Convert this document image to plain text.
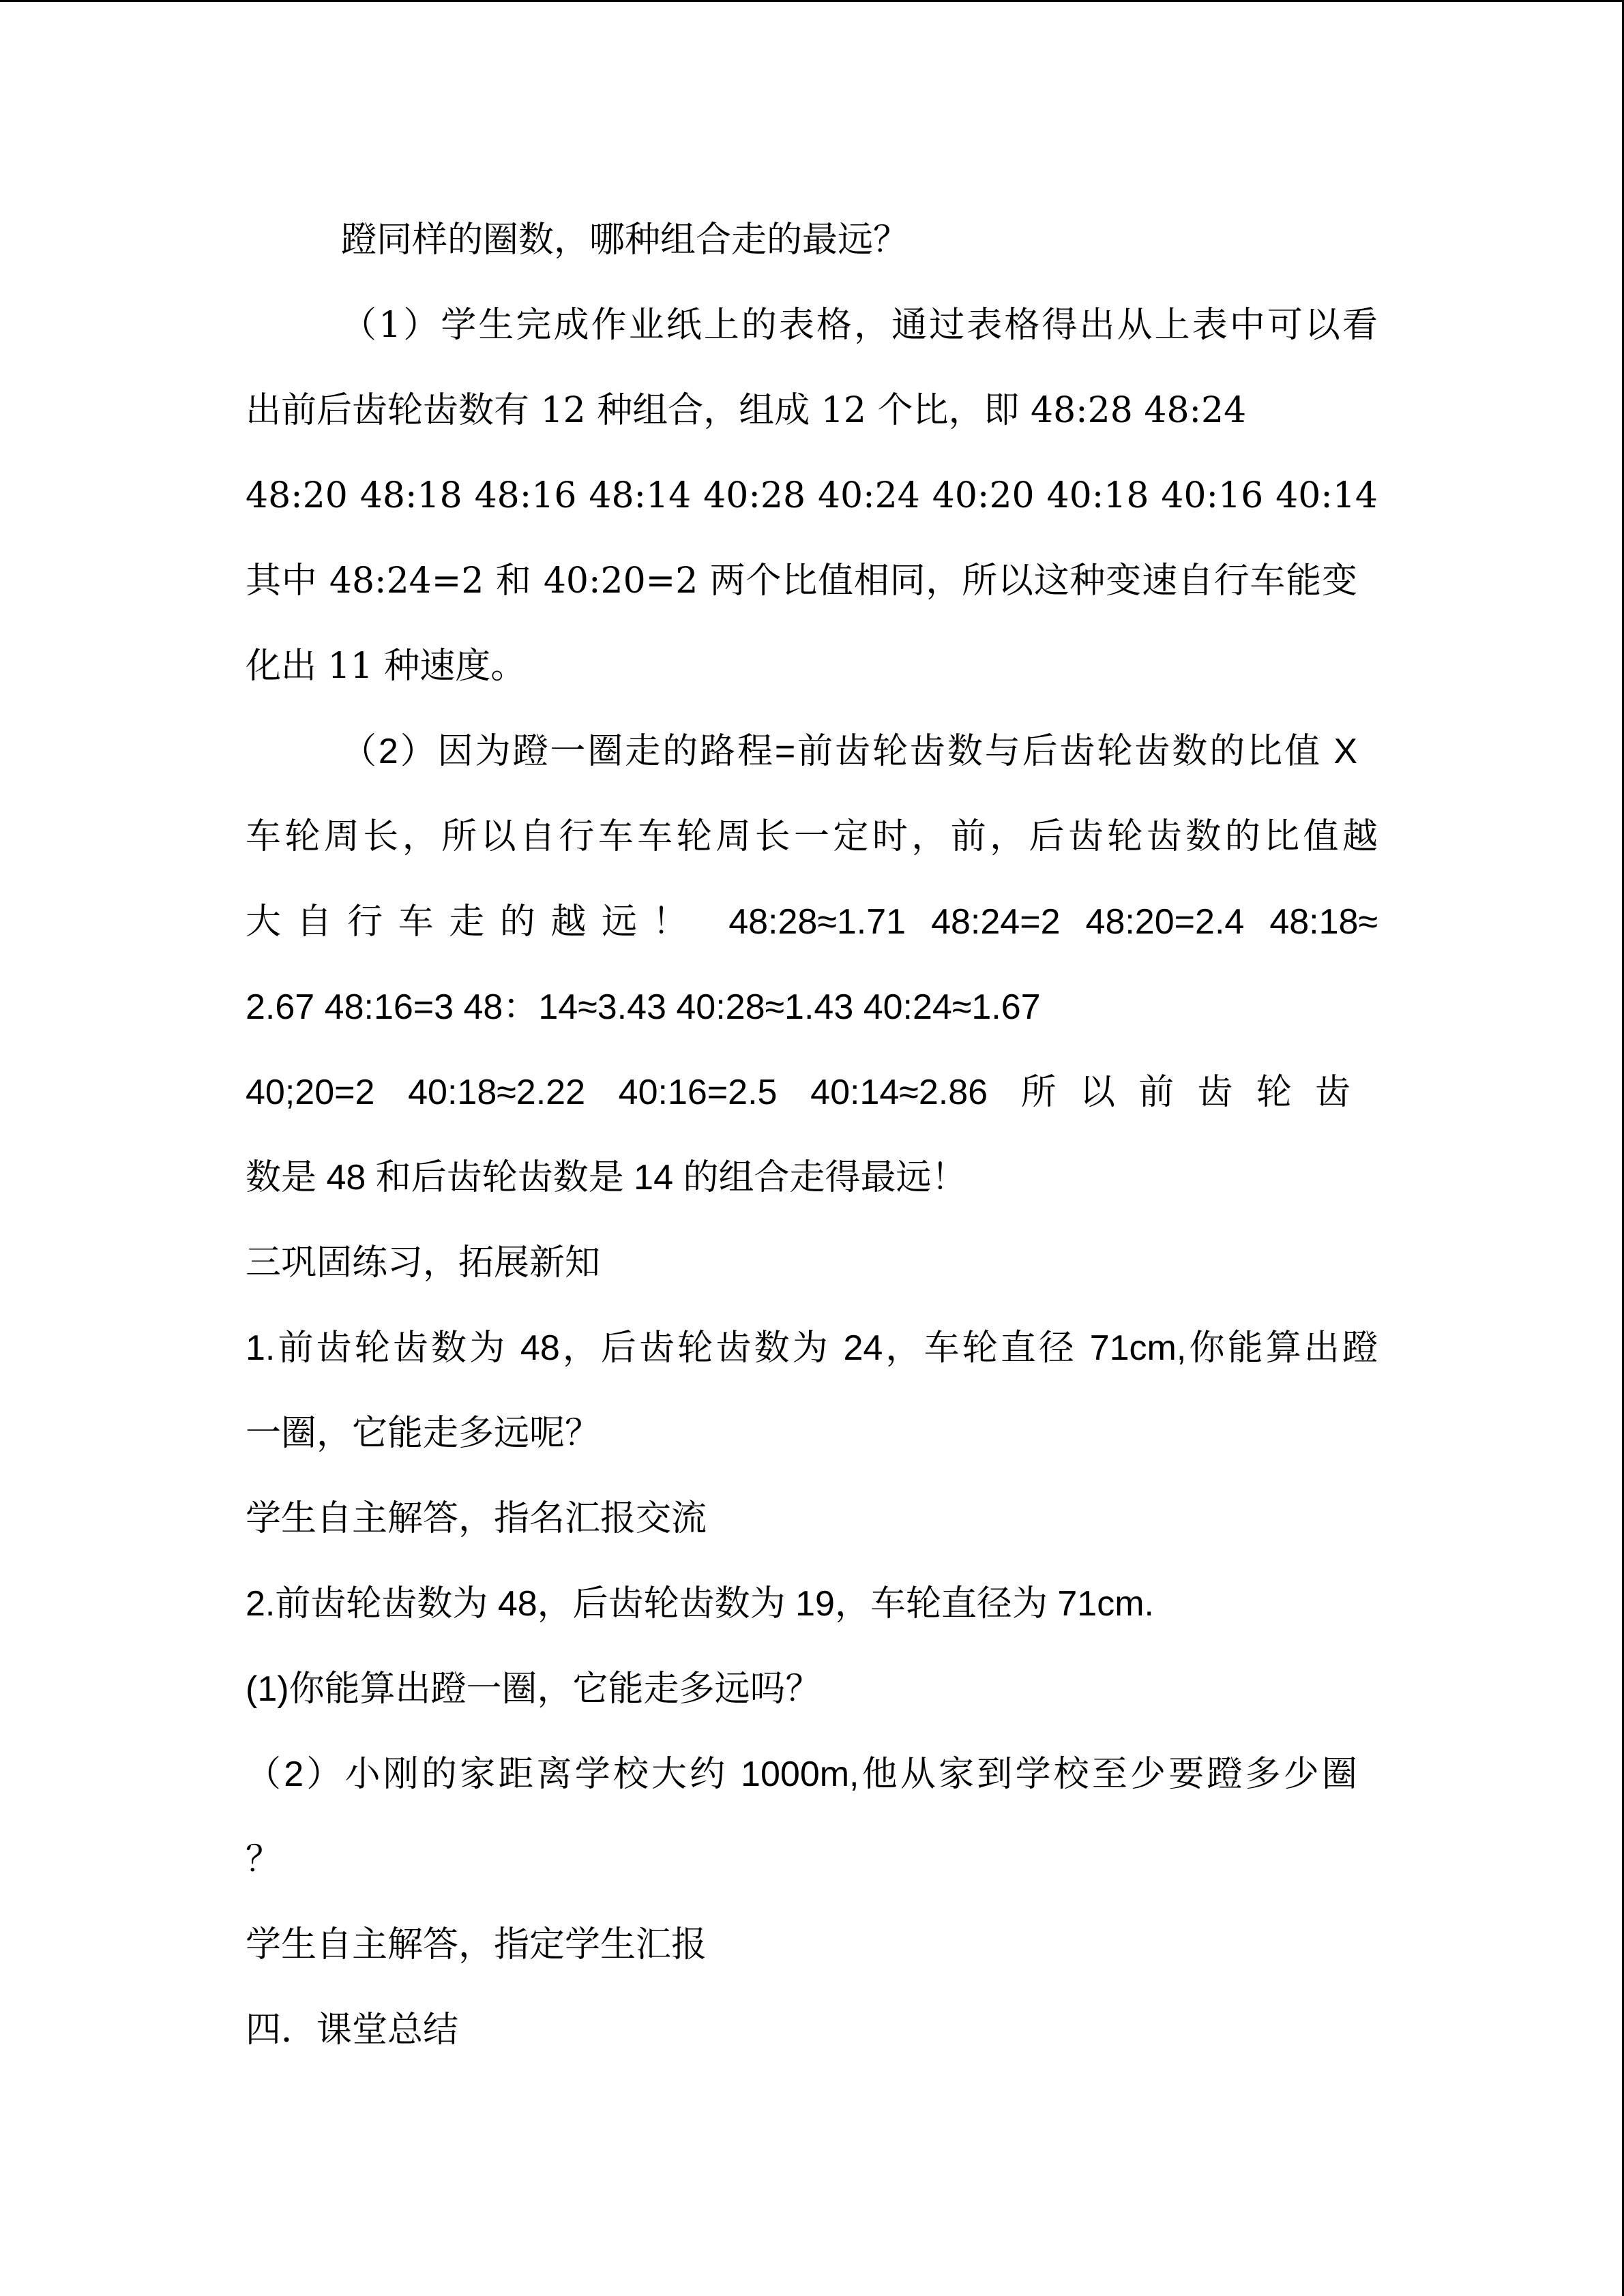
蹬同样的圈数，哪种组合走的最远？
（1）学生完成作业纸上的表格，通过表格得出从上表中可以看
出前后齿轮齿数有 12 种组合，组成 12 个比，即 48:28 48:24
48:20 48:18 48:16 48:14 40:28 40:24 40:20 40:18 40:16 40:14
其中 48:24=2 和 40:20=2 两个比值相同，所以这种变速自行车能变
化出 11 种速度。
（2）因为蹬一圈走的路程=前齿轮齿数与后齿轮齿数的比值 X
车轮周长，所以自行车车轮周长一定时，前，后齿轮齿数的比值越
大自行车走的越远！ 48:28≈1.71 48:24=2 48:20=2.4 48:18≈
2.67 48:16=3 48：14≈3.43 40:28≈1.43 40:24≈1.67
40;20=2 40:18≈2.22 40:16=2.5 40:14≈2.86 所以前齿轮齿
数是 48 和后齿轮齿数是 14 的组合走得最远！
三巩固练习，拓展新知
1.前齿轮齿数为 48，后齿轮齿数为 24，车轮直径 71cm,你能算出蹬
一圈，它能走多远呢？
学生自主解答，指名汇报交流
2.前齿轮齿数为 48，后齿轮齿数为 19，车轮直径为 71cm.
(1)你能算出蹬一圈，它能走多远吗？
（2）小刚的家距离学校大约 1000m,他从家到学校至少要蹬多少圈
？
学生自主解答，指定学生汇报
四．课堂总结
